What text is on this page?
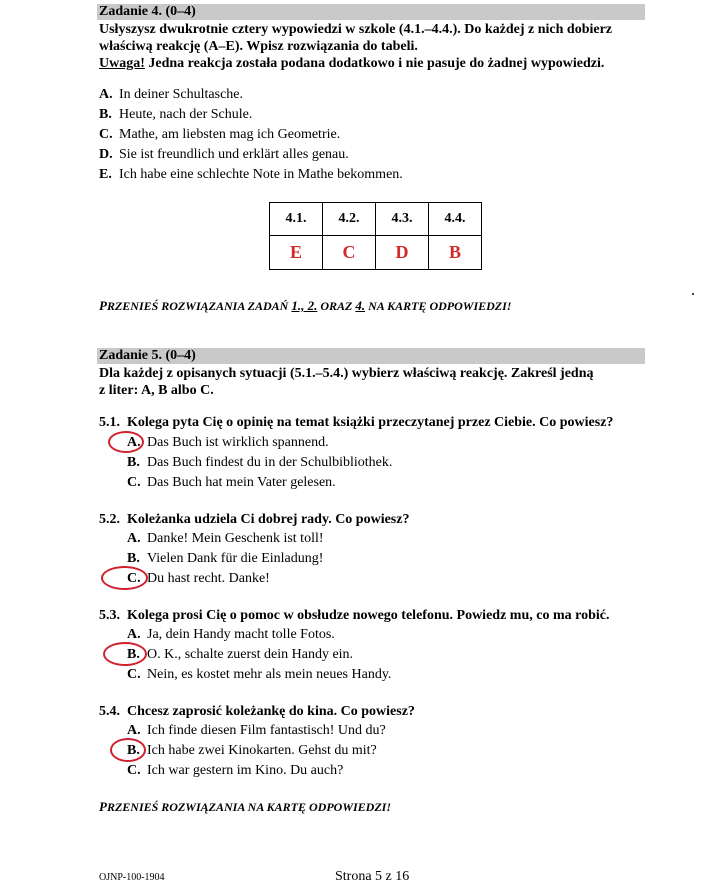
Zadanie 4. (0–4)
Usłyszysz dwukrotnie cztery wypowiedzi w szkole (4.1.–4.4.). Do każdej z nich dobierz
właściwą reakcję (A–E). Wpisz rozwiązania do tabeli.
Uwaga! Jedna reakcja została podana dodatkowo i nie pasuje do żadnej wypowiedzi.
A. In deiner Schultasche.
B. Heute, nach der Schule.
C. Mathe, am liebsten mag ich Geometrie.
D. Sie ist freundlich und erklärt alles genau.
E. Ich habe eine schlechte Note in Mathe bekommen.
4.1.	4.2.	4.3.	4.4.
E	C	D	B
PRZENIEŚ ROZWIĄZANIA ZADAŃ 1., 2. ORAZ 4. NA KARTĘ ODPOWIEDZI!
Zadanie 5. (0–4)
Dla każdej z opisanych sytuacji (5.1.–5.4.) wybierz właściwą reakcję. Zakreśl jedną
z liter: A, B albo C.
5.1. Kolega pyta Cię o opinię na temat książki przeczytanej przez Ciebie. Co powiesz?
A. Das Buch ist wirklich spannend.
B. Das Buch findest du in der Schulbibliothek.
C. Das Buch hat mein Vater gelesen.
5.2. Koleżanka udziela Ci dobrej rady. Co powiesz?
A. Danke! Mein Geschenk ist toll!
B. Vielen Dank für die Einladung!
C. Du hast recht. Danke!
5.3. Kolega prosi Cię o pomoc w obsłudze nowego telefonu. Powiedz mu, co ma robić.
A. Ja, dein Handy macht tolle Fotos.
B. O. K., schalte zuerst dein Handy ein.
C. Nein, es kostet mehr als mein neues Handy.
5.4. Chcesz zaprosić koleżankę do kina. Co powiesz?
A. Ich finde diesen Film fantastisch! Und du?
B. Ich habe zwei Kinokarten. Gehst du mit?
C. Ich war gestern im Kino. Du auch?
PRZENIEŚ ROZWIĄZANIA NA KARTĘ ODPOWIEDZI!
OJNP-100-1904	Strona 5 z 16
